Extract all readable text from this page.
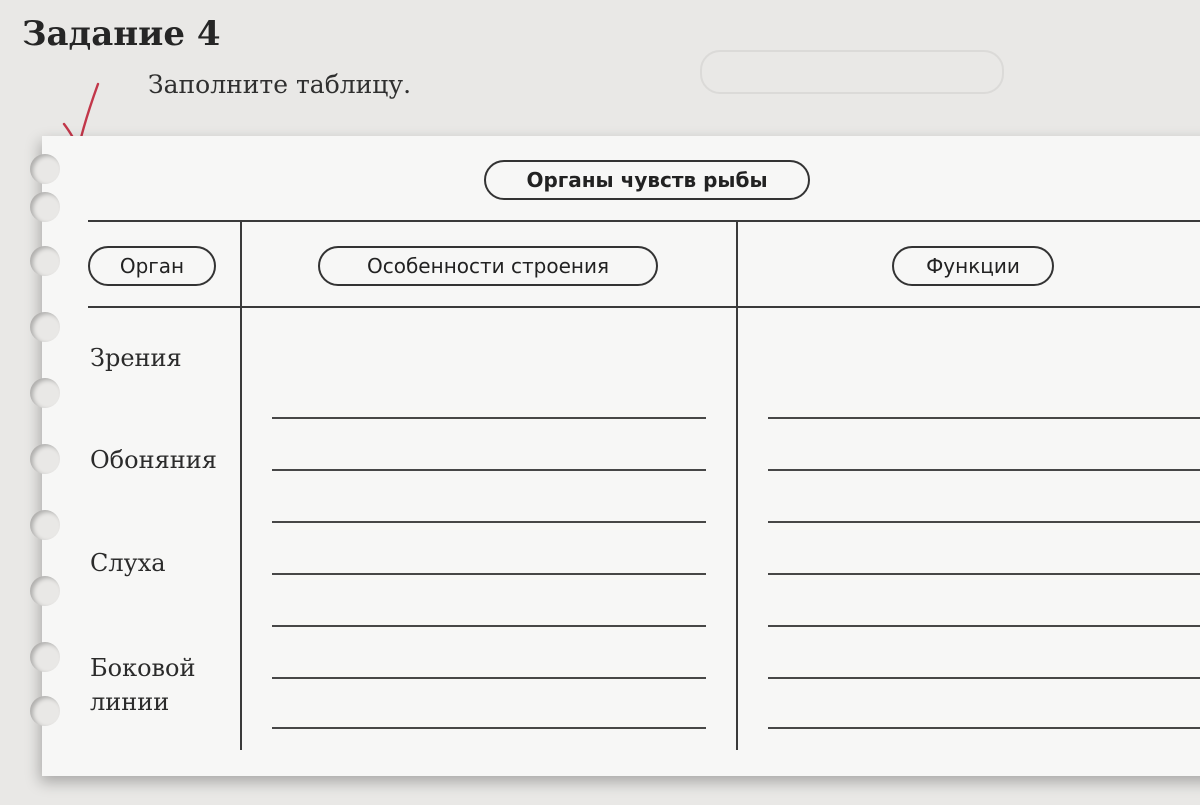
Задание 4
Заполните таблицу.
Органы чувств рыбы
Орган	Особенности строения	Функции
Зрения
Обоняния
Слуха
Боковой линии
